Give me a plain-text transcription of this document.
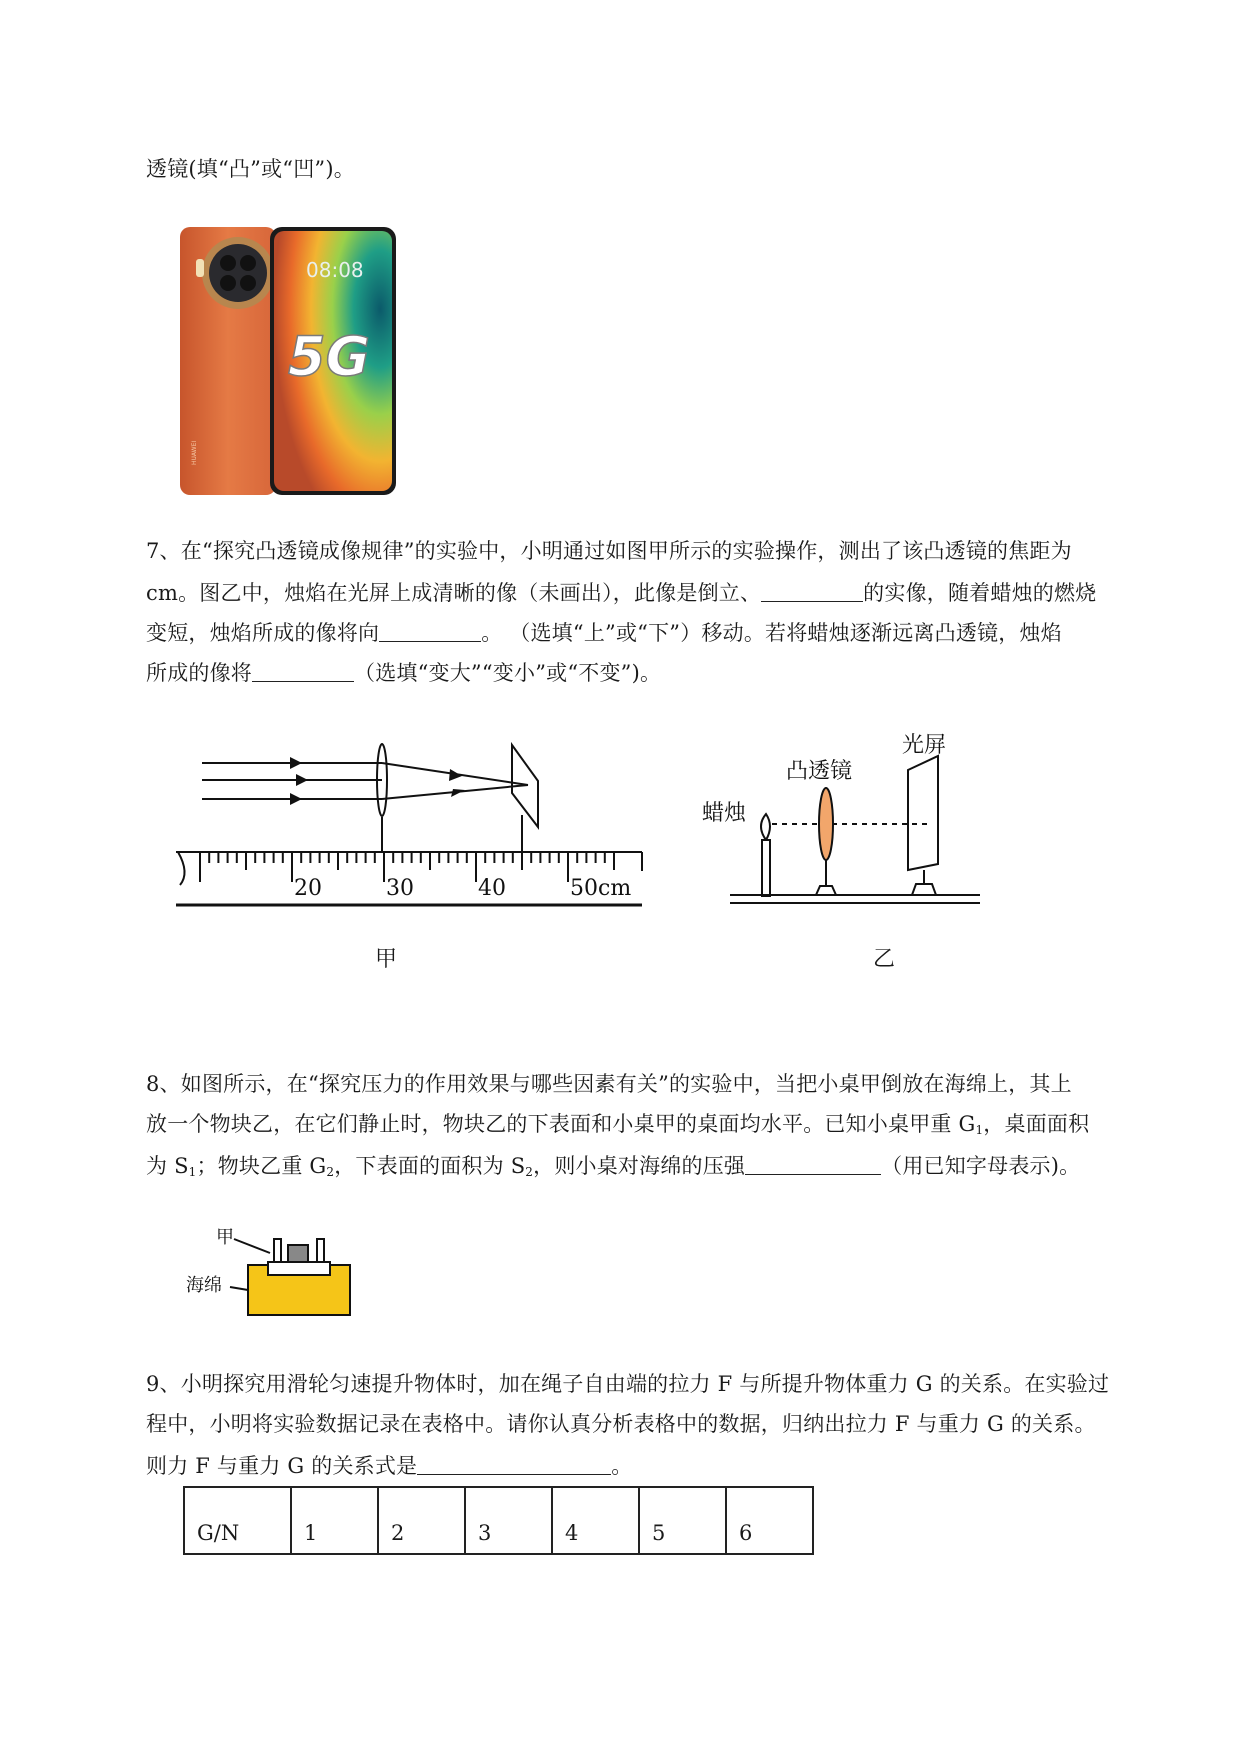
透镜(填“凸”或“凹”)。
HUAWEI
08:08
5G
7、在“探究凸透镜成像规律”的实验中，小明通过如图甲所示的实验操作，测出了该凸透镜的焦距为
cm。图乙中，烛焰在光屏上成清晰的像（未画出），此像是倒立、	的实像，随着蜡烛的燃烧
变短，烛焰所成的像将向	。 （选填“上”或“下”）移动。若将蜡烛逐渐远离凸透镜，烛焰
所成的像将	（选填“变大”“变小”或“不变”)。
20	30	40	50cm
甲
蜡烛
凸透镜
光屏
乙
8、如图所示，在“探究压力的作用效果与哪些因素有关”的实验中，当把小桌甲倒放在海绵上，其上
放一个物块乙，在它们静止时，物块乙的下表面和小桌甲的桌面均水平。已知小桌甲重 $G_1$，桌面面积
为 $S_1$；物块乙重 $G_2$，下表面的面积为 $S_2$，则小桌对海绵的压强	（用已知字母表示)。
甲
海绵
9、小明探究用滑轮匀速提升物体时，加在绳子自由端的拉力 F 与所提升物体重力 G 的关系。在实验过
程中，小明将实验数据记录在表格中。请你认真分析表格中的数据，归纳出拉力 F 与重力 G 的关系。
则力 F 与重力 G 的关系式是	。
G/N	1	2	3	4	5	6
